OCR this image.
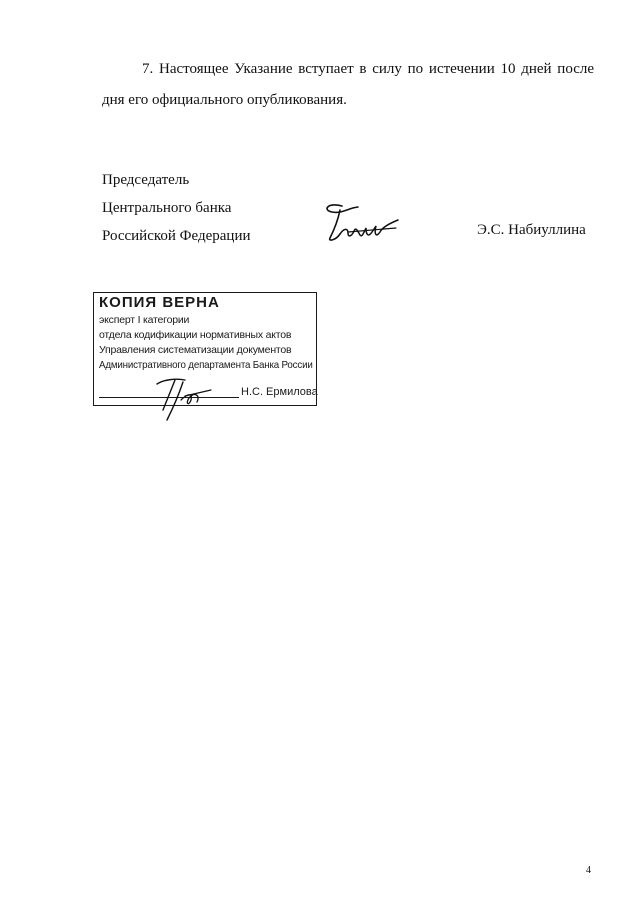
7. Настоящее Указание вступает в силу по истечении 10 дней после дня его официального опубликования.

Председатель
Центрального банка
Российской Федерации	Э.С. Набиуллина
КОПИЯ ВЕРНА
эксперт I категории
отдела кодификации нормативных актов
Управления систематизации документов
Административного департамента Банка России
Н.С. Ермилова
4
